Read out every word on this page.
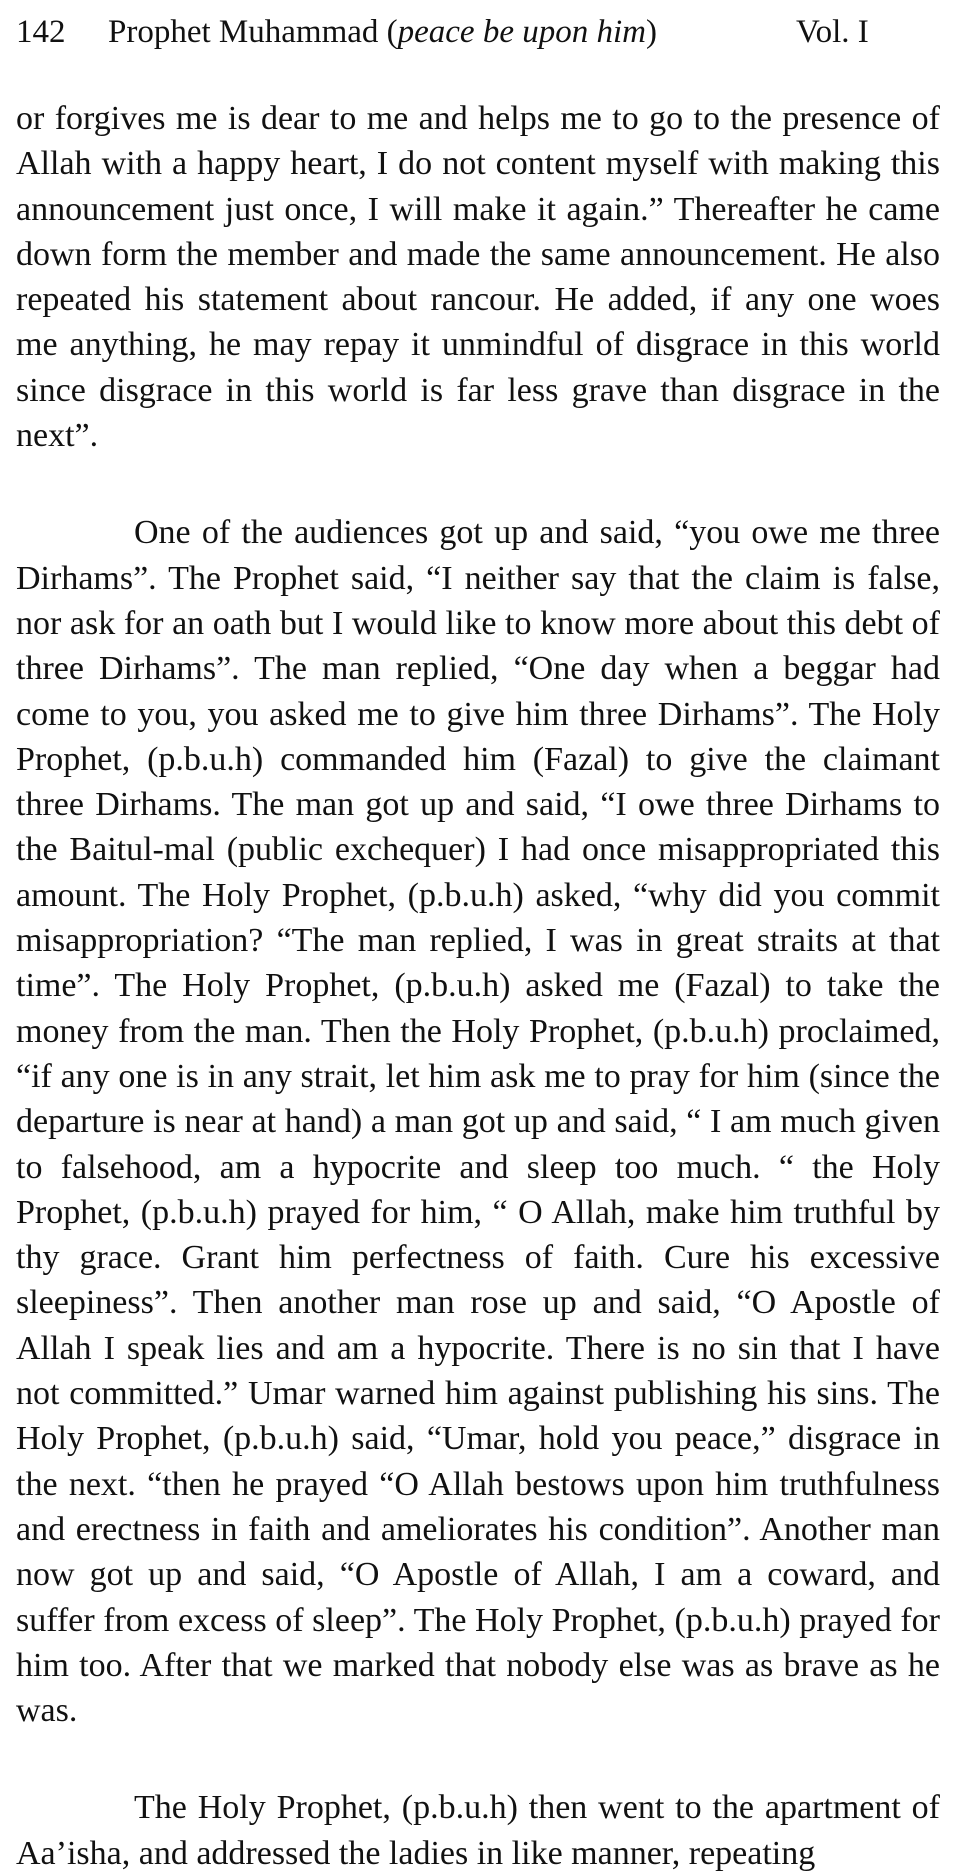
142 Prophet Muhammad (peace be upon him)	Vol. I

or forgives me is dear to me and helps me to go to the presence of Allah with a happy heart, I do not content myself with making this announcement just once, I will make it again.” Thereafter he came down form the member and made the same announcement. He also repeated his statement about rancour. He added, if any one woes me anything, he may repay it unmindful of disgrace in this world since disgrace in this world is far less grave than disgrace in the next”.

One of the audiences got up and said, “you owe me three Dirhams”. The Prophet said, “I neither say that the claim is false, nor ask for an oath but I would like to know more about this debt of three Dirhams”. The man replied, “One day when a beggar had come to you, you asked me to give him three Dirhams”. The Holy Prophet, (p.b.u.h) commanded him (Fazal) to give the claimant three Dirhams. The man got up and said, “I owe three Dirhams to the Baitul-mal (public exchequer) I had once misappropriated this amount. The Holy Prophet, (p.b.u.h) asked, “why did you commit misappropriation? “The man replied, I was in great straits at that time”. The Holy Prophet, (p.b.u.h) asked me (Fazal) to take the money from the man. Then the Holy Prophet, (p.b.u.h) proclaimed, “if any one is in any strait, let him ask me to pray for him (since the departure is near at hand) a man got up and said, “ I am much given to falsehood, am a hypocrite and sleep too much. “ the Holy Prophet, (p.b.u.h) prayed for him, “ O Allah, make him truthful by thy grace. Grant him perfectness of faith. Cure his excessive sleepiness”. Then another man rose up and said, “O Apostle of Allah I speak lies and am a hypocrite. There is no sin that I have not committed.” Umar warned him against publishing his sins. The Holy Prophet, (p.b.u.h) said, “Umar, hold you peace,” disgrace in the next. “then he prayed “O Allah bestows upon him truthfulness and erectness in faith and ameliorates his condition”. Another man now got up and said, “O Apostle of Allah, I am a coward, and suffer from excess of sleep”. The Holy Prophet, (p.b.u.h) prayed for him too. After that we marked that nobody else was as brave as he was.

The Holy Prophet, (p.b.u.h) then went to the apartment of Aa’isha, and addressed the ladies in like manner, repeating
